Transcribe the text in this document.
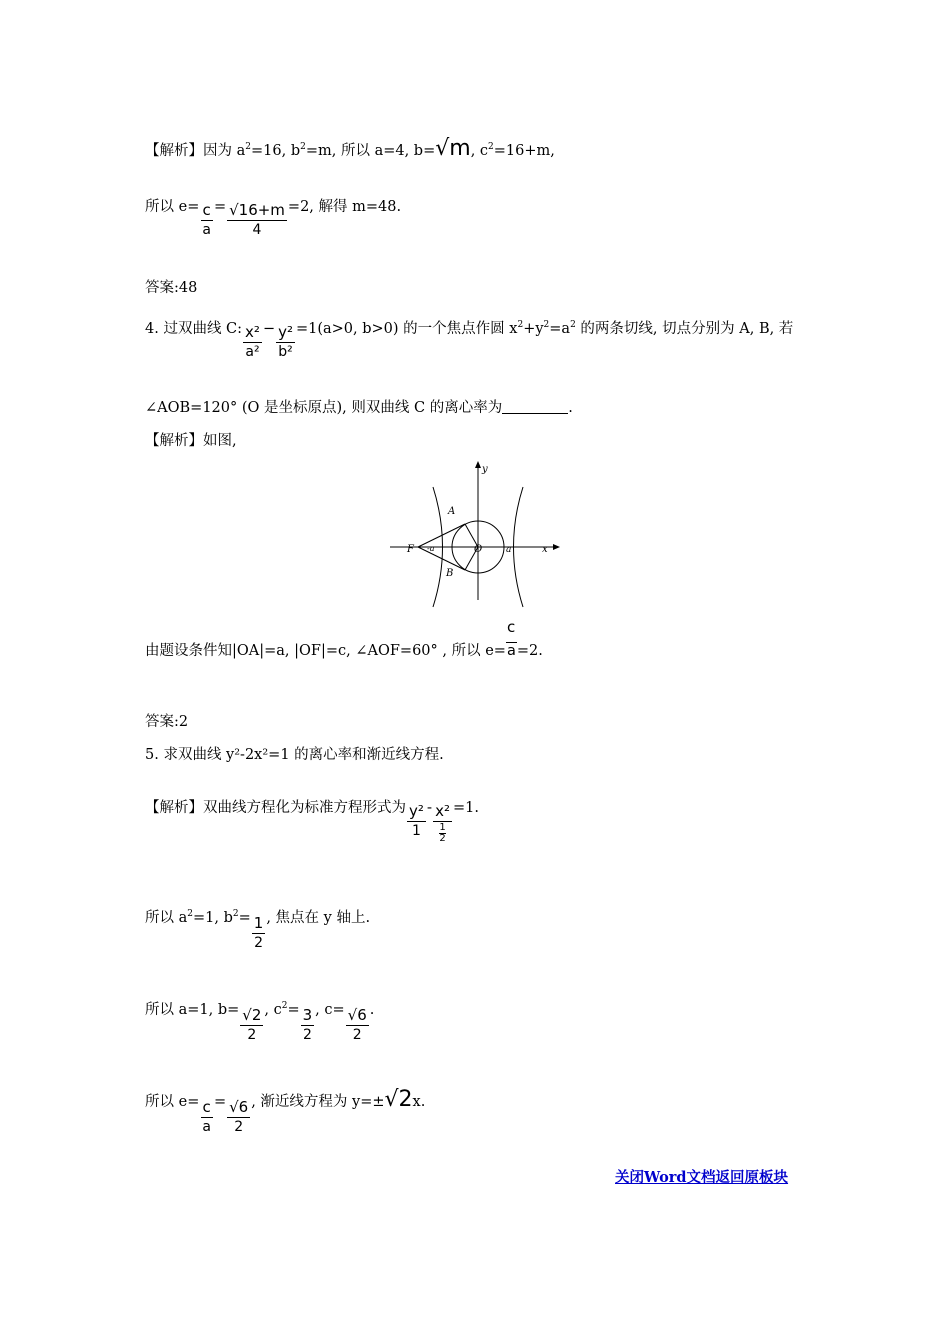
【解析】因为 $a^2=16$, $b^2=m$, 所以 a=4, b=√m, $c^2=16+m$,
所以 $e= \frac{c}{a} = \frac{√16+m}{4} =2$, 解得 m=48.
答案:48
4. 过双曲线 C: $\frac{\text{x²}}{\text{a²}} - \frac{\text{y²}}{\text{b²}} =1(a>0$, b>0) 的一个焦点作圆 $x^2+y^2=a^2$ 的两条切线, 切点分别为 A, B, 若
∠AOB=120° (O 是坐标原点), 则双曲线 C 的离心率为	.
【解析】如图,
y
x
A
B
F	O	a
-a
c
由题设条件知|OA|=a, |OF|=c, ∠AOF=60° , 所以 e=a=2.
答案:2
5. 求双曲线 y²-2x²=1 的离心率和渐近线方程.
【解析】双曲线方程化为标准方程形式为 $\frac{\text{y²}}{1} - x^2$
1
2 =1.
所以 $a^2=1$, $b^2= \frac{1}{2}$ , 焦点在 y 轴上.
所以 a=1, $b= \frac{√2}{2}$ , $c^2= \frac{3}{2}$ , $c= \frac{√6}{2}$ .
所以 $e= \frac{c}{a} = \frac{√6}{2}$ , 渐近线方程为 y=±√2x.
关闭Word文档返回原板块
